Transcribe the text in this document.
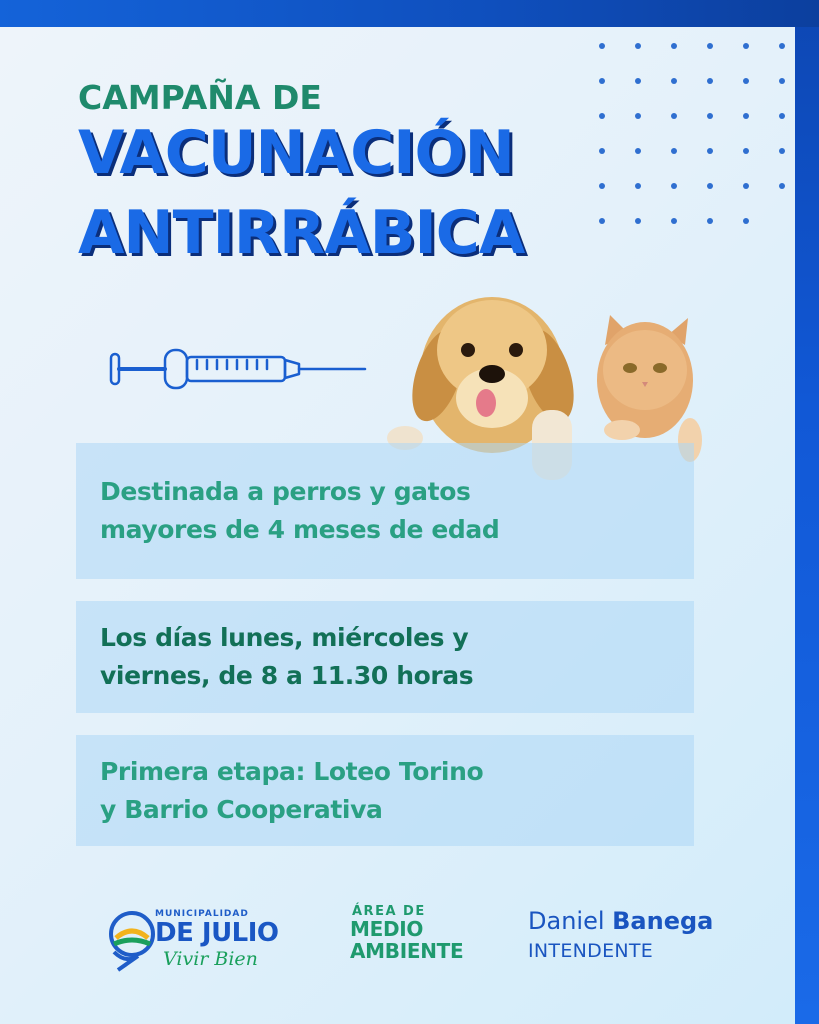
CAMPAÑA DE
VACUNACIÓN
ANTIRRÁBICA
Destinada a perros y gatos
mayores de 4 meses de edad
Los días lunes, miércoles y
viernes, de 8 a 11.30 horas
Primera etapa: Loteo Torino
y Barrio Cooperativa
MUNICIPALIDAD
DE JULIO
Vivir Bien
ÁREA DE
MEDIO
AMBIENTE
Daniel Banega
INTENDENTE
